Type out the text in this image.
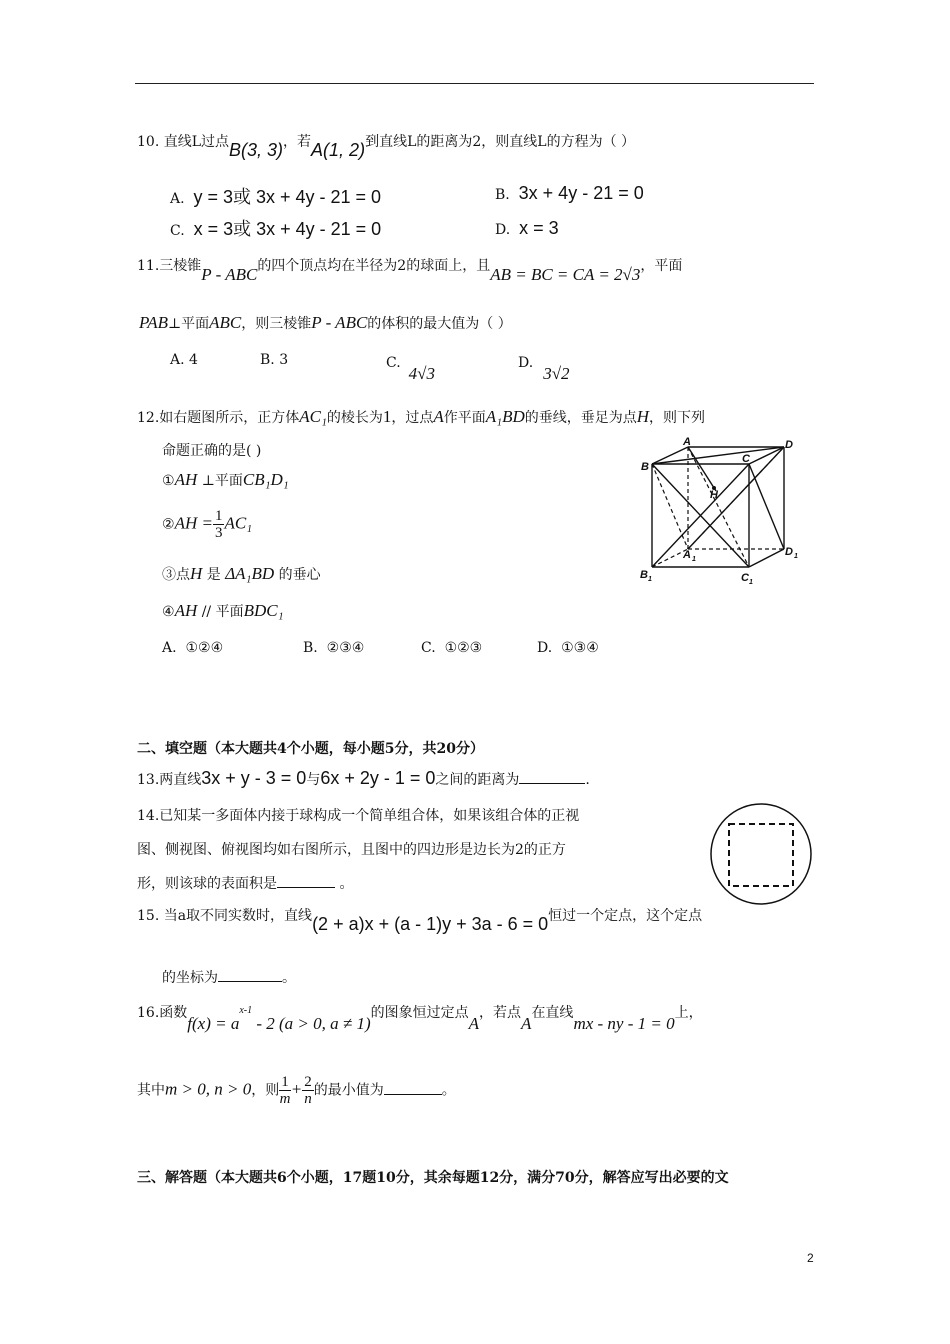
10. 直线L过点B(3, 3)，若A(1, 2)到直线L的距离为2，则直线L的方程为（ ）
A. y = 3或 3x + 4y - 21 = 0	B. 3x + 4y - 21 = 0
C. x = 3或 3x + 4y - 21 = 0	D. x = 3
11.三棱锥P - ABC的四个顶点均在半径为2的球面上，且AB = BC = CA = 2√3，平面
PAB⊥平面ABC，则三棱锥P - ABC的体积的最大值为（ ）
A. 4	B. 3	C.4√3
D.3√2
12.如右题图所示，正方体AC₁的棱长为1，过点A作平面A₁BD的垂线，垂足为点H，则下列
命题正确的是( )
①AH ⊥平面CB₁D₁
②AH = $\frac{1}{3} AC_1$
③点H 是 ΔA₁BD 的垂心
④AH // 平面BDC₁
A. ①②④	B. ②③④	C. ①②③	D. ①③④
A	D
B
C
H
A 1
D 1
B 1	C 1
二、填空题（本大题共4个小题，每小题5分，共20分）
13.两直线3x + y - 3 = 0与6x + 2y - 1 = 0之间的距离为	.
14.已知某一多面体内接于球构成一个简单组合体，如果该组合体的正视
图、侧视图、俯视图均如右图所示，且图中的四边形是边长为2的正方
形，则该球的表面积是	。
15. 当a取不同实数时，直线(2 + a)x + (a - 1)y + 3a - 6 = 0恒过一个定点，这个定点
的坐标为	。
16.函数$f(x) = a^{x-1} - 2$ (a > 0, a ≠ 1)的图象恒过定点A，若点A在直线mx - ny - 1 = 0上，
其中m > 0, n > 0，则 $\frac{1}{m} + \frac{2}{n}$ 的最小值为	。
三、解答题（本大题共6个小题，17题10分，其余每题12分，满分70分，解答应写出必要的文
2
